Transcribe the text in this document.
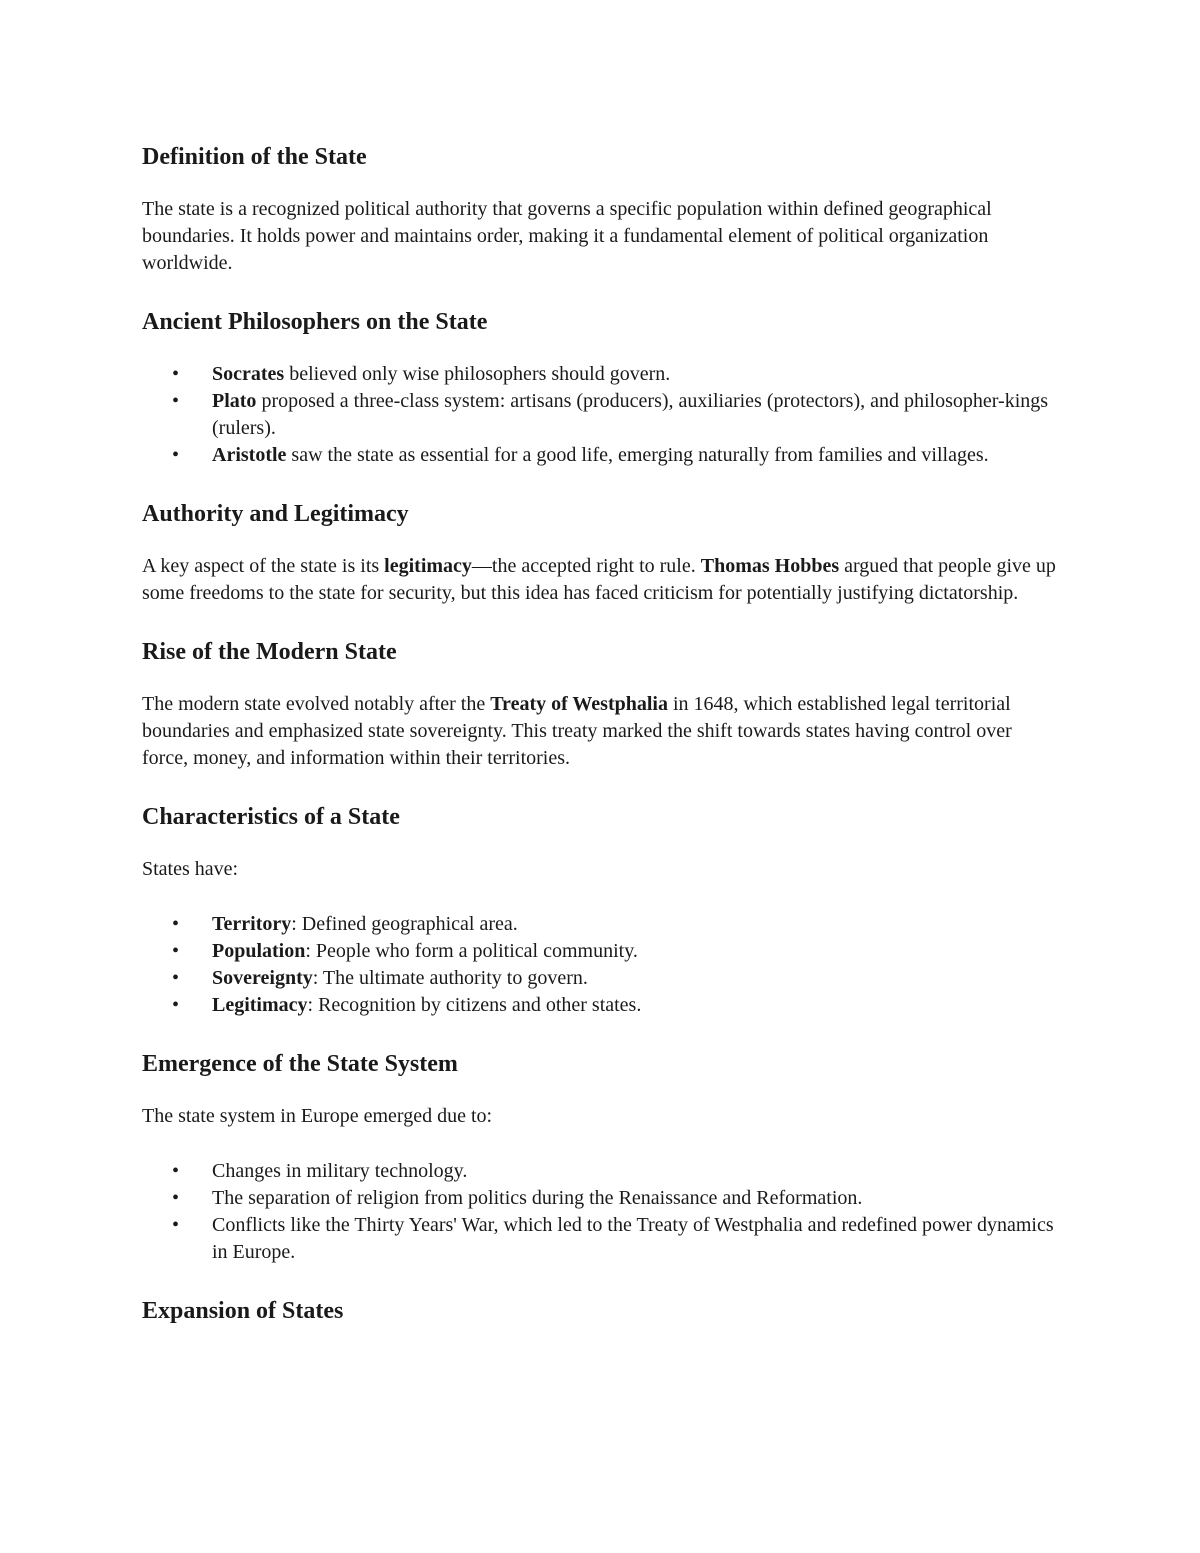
Definition of the State

The state is a recognized political authority that governs a specific population within defined geographical boundaries. It holds power and maintains order, making it a fundamental element of political organization worldwide.

Ancient Philosophers on the State
• Socrates believed only wise philosophers should govern.
• Plato proposed a three-class system: artisans (producers), auxiliaries (protectors), and philosopher-kings (rulers).
• Aristotle saw the state as essential for a good life, emerging naturally from families and villages.
Authority and Legitimacy

A key aspect of the state is its legitimacy—the accepted right to rule. Thomas Hobbes argued that people give up some freedoms to the state for security, but this idea has faced criticism for potentially justifying dictatorship.

Rise of the Modern State

The modern state evolved notably after the Treaty of Westphalia in 1648, which established legal territorial boundaries and emphasized state sovereignty. This treaty marked the shift towards states having control over force, money, and information within their territories.

Characteristics of a State

States have:

• Territory: Defined geographical area.
• Population: People who form a political community.
• Sovereignty: The ultimate authority to govern.
• Legitimacy: Recognition by citizens and other states.
Emergence of the State System

The state system in Europe emerged due to:

• Changes in military technology.
• The separation of religion from politics during the Renaissance and Reformation.
• Conflicts like the Thirty Years' War, which led to the Treaty of Westphalia and redefined power dynamics in Europe.
Expansion of States
